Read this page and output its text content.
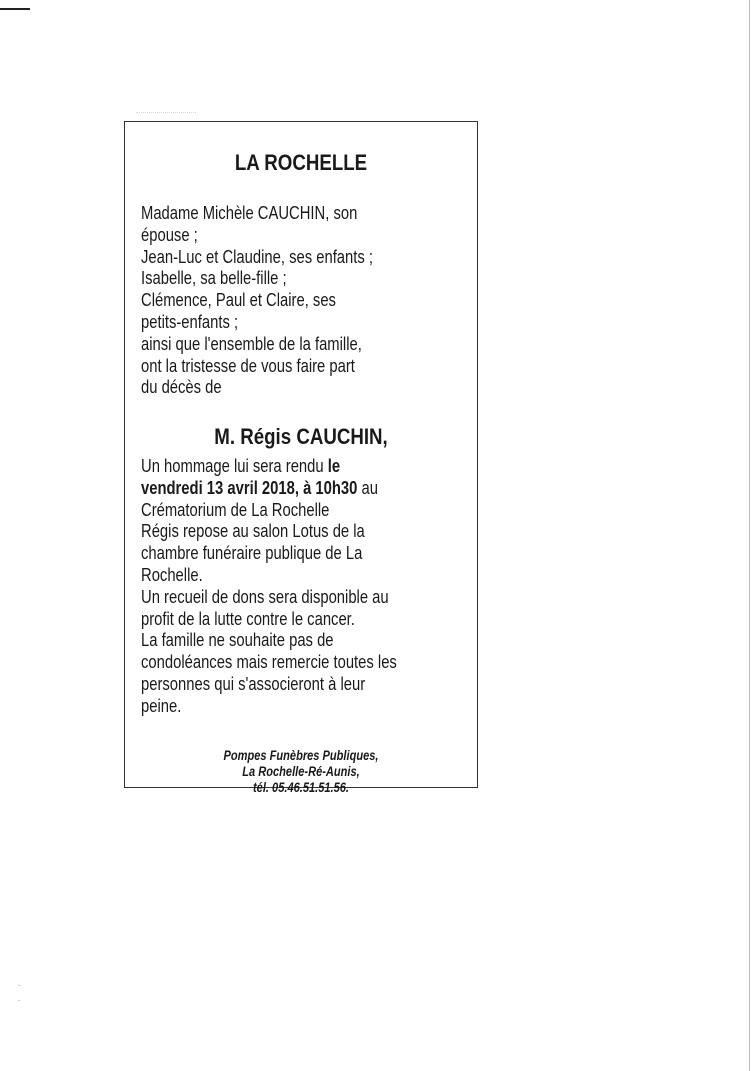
LA ROCHELLE
Madame Michèle CAUCHIN, son
épouse ;
Jean-Luc et Claudine, ses enfants ;
Isabelle, sa belle-fille ;
Clémence, Paul et Claire, ses
petits-enfants ;
ainsi que l'ensemble de la famille,
ont la tristesse de vous faire part
du décès de
M. Régis CAUCHIN,
Un hommage lui sera rendu le
vendredi 13 avril 2018, à 10h30 au
Crématorium de La Rochelle
Régis repose au salon Lotus de la
chambre funéraire publique de La
Rochelle.
Un recueil de dons sera disponible au
profit de la lutte contre le cancer.
La famille ne souhaite pas de
condoléances mais remercie toutes les
personnes qui s'associeront à leur
peine.
Pompes Funèbres Publiques,
La Rochelle-Ré-Aunis,
tél. 05.46.51.51.56.
